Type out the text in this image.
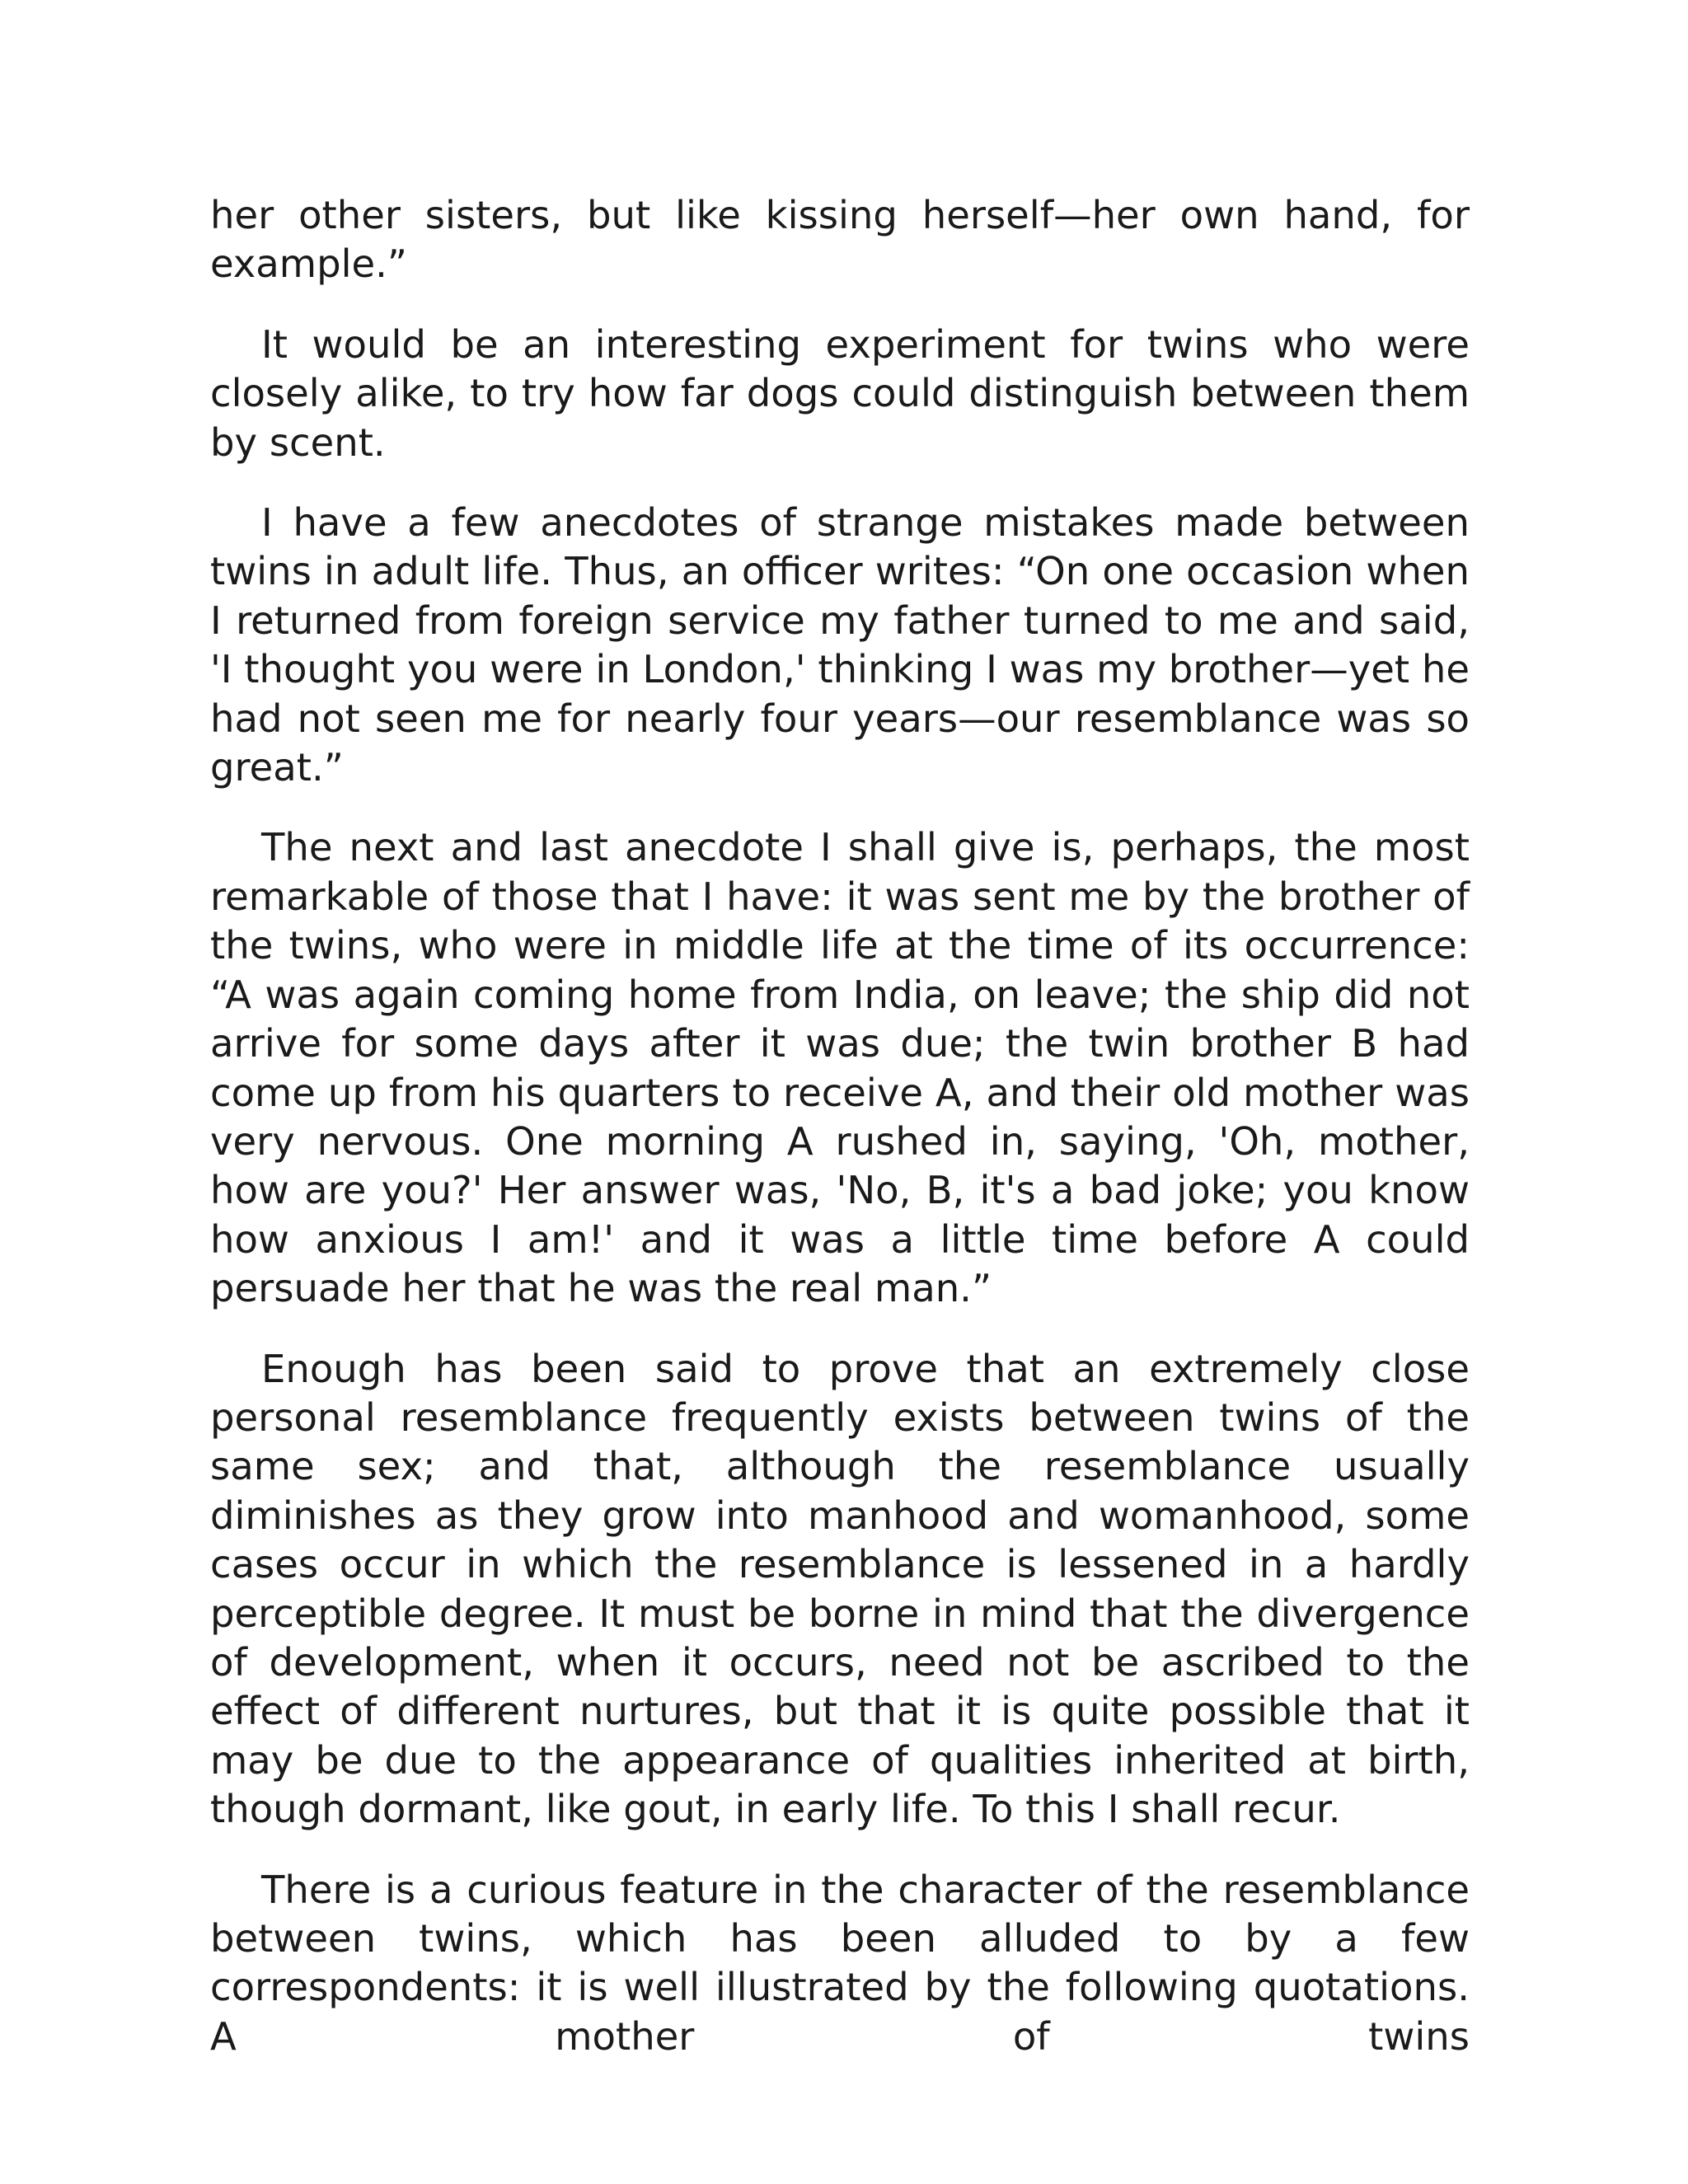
her other sisters, but like kissing herself—her own hand, for example.”

It would be an interesting experiment for twins who were closely alike, to try how far dogs could distinguish between them by scent.

I have a few anecdotes of strange mistakes made between twins in adult life. Thus, an officer writes: “On one occasion when I returned from foreign service my father turned to me and said, 'I thought you were in London,' thinking I was my brother—yet he had not seen me for nearly four years—our resemblance was so great.”

The next and last anecdote I shall give is, perhaps, the most remarkable of those that I have: it was sent me by the brother of the twins, who were in middle life at the time of its occurrence: “A was again coming home from India, on leave; the ship did not arrive for some days after it was due; the twin brother B had come up from his quarters to receive A, and their old mother was very nervous. One morning A rushed in, saying, 'Oh, mother, how are you?' Her answer was, 'No, B, it's a bad joke; you know how anxious I am!' and it was a little time before A could persuade her that he was the real man.”

Enough has been said to prove that an extremely close personal resemblance frequently exists between twins of the same sex; and that, although the resemblance usually diminishes as they grow into manhood and womanhood, some cases occur in which the resemblance is lessened in a hardly perceptible degree. It must be borne in mind that the divergence of development, when it occurs, need not be ascribed to the effect of different nurtures, but that it is quite possible that it may be due to the appearance of qualities inherited at birth, though dormant, like gout, in early life. To this I shall recur.

There is a curious feature in the character of the resemblance between twins, which has been alluded to by a few correspondents: it is well illustrated by the following quotations. A mother of twins
